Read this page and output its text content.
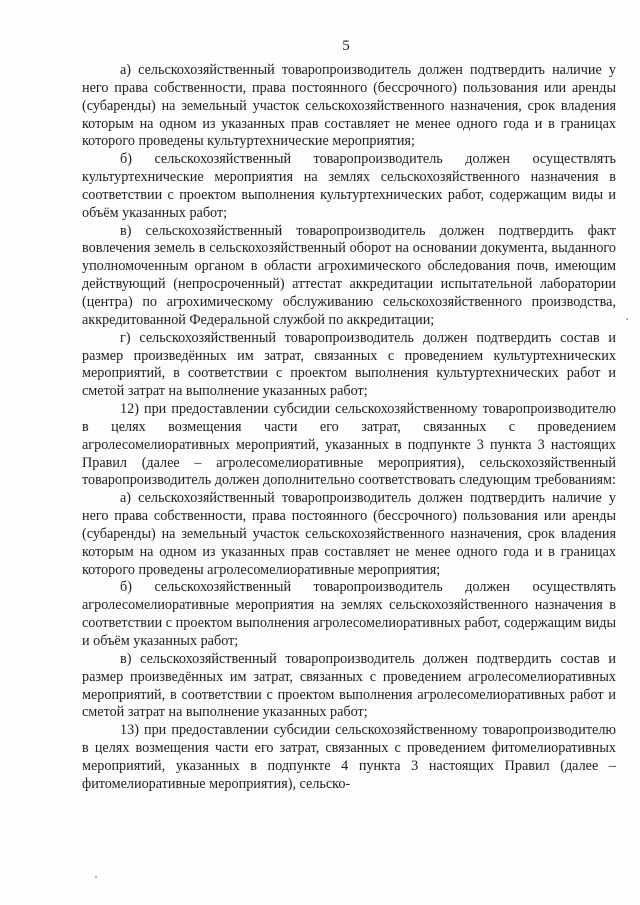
5

а) сельскохозяйственный товаропроизводитель должен подтвердить наличие у него права собственности, права постоянного (бессрочного) пользования или аренды (субаренды) на земельный участок сельскохозяйственного назначения, срок владения которым на одном из указанных прав составляет не менее одного года и в границах которого проведены культуртехнические мероприятия;

б) сельскохозяйственный товаропроизводитель должен осуществлять культуртехнические мероприятия на землях сельскохозяйственного назначения в соответствии с проектом выполнения культуртехнических работ, содержащим виды и объём указанных работ;

в) сельскохозяйственный товаропроизводитель должен подтвердить факт вовлечения земель в сельскохозяйственный оборот на основании документа, выданного уполномоченным органом в области агрохимического обследования почв, имеющим действующий (непросроченный) аттестат аккредитации испытательной лаборатории (центра) по агрохимическому обслуживанию сельскохозяйственного производства, аккредитованной Федеральной службой по аккредитации;

г) сельскохозяйственный товаропроизводитель должен подтвердить состав и размер произведённых им затрат, связанных с проведением культуртехнических мероприятий, в соответствии с проектом выполнения культуртехнических работ и сметой затрат на выполнение указанных работ;

12) при предоставлении субсидии сельскохозяйственному товаропроизводителю в целях возмещения части его затрат, связанных с проведением агролесомелиоративных мероприятий, указанных в подпункте 3 пункта 3 настоящих Правил (далее – агролесомелиоративные мероприятия), сельскохозяйственный товаропроизводитель должен дополнительно соответствовать следующим требованиям:

а) сельскохозяйственный товаропроизводитель должен подтвердить наличие у него права собственности, права постоянного (бессрочного) пользования или аренды (субаренды) на земельный участок сельскохозяйственного назначения, срок владения которым на одном из указанных прав составляет не менее одного года и в границах которого проведены агролесомелиоративные мероприятия;

б) сельскохозяйственный товаропроизводитель должен осуществлять агролесомелиоративные мероприятия на землях сельскохозяйственного назначения в соответствии с проектом выполнения агролесомелиоративных работ, содержащим виды и объём указанных работ;

в) сельскохозяйственный товаропроизводитель должен подтвердить состав и размер произведённых им затрат, связанных с проведением агролесомелиоративных мероприятий, в соответствии с проектом выполнения агролесомелиоративных работ и сметой затрат на выполнение указанных работ;

13) при предоставлении субсидии сельскохозяйственному товаропроизводителю в целях возмещения части его затрат, связанных с проведением фитомелиоративных мероприятий, указанных в подпункте 4 пункта 3 настоящих Правил (далее – фитомелиоративные мероприятия), сельско-
